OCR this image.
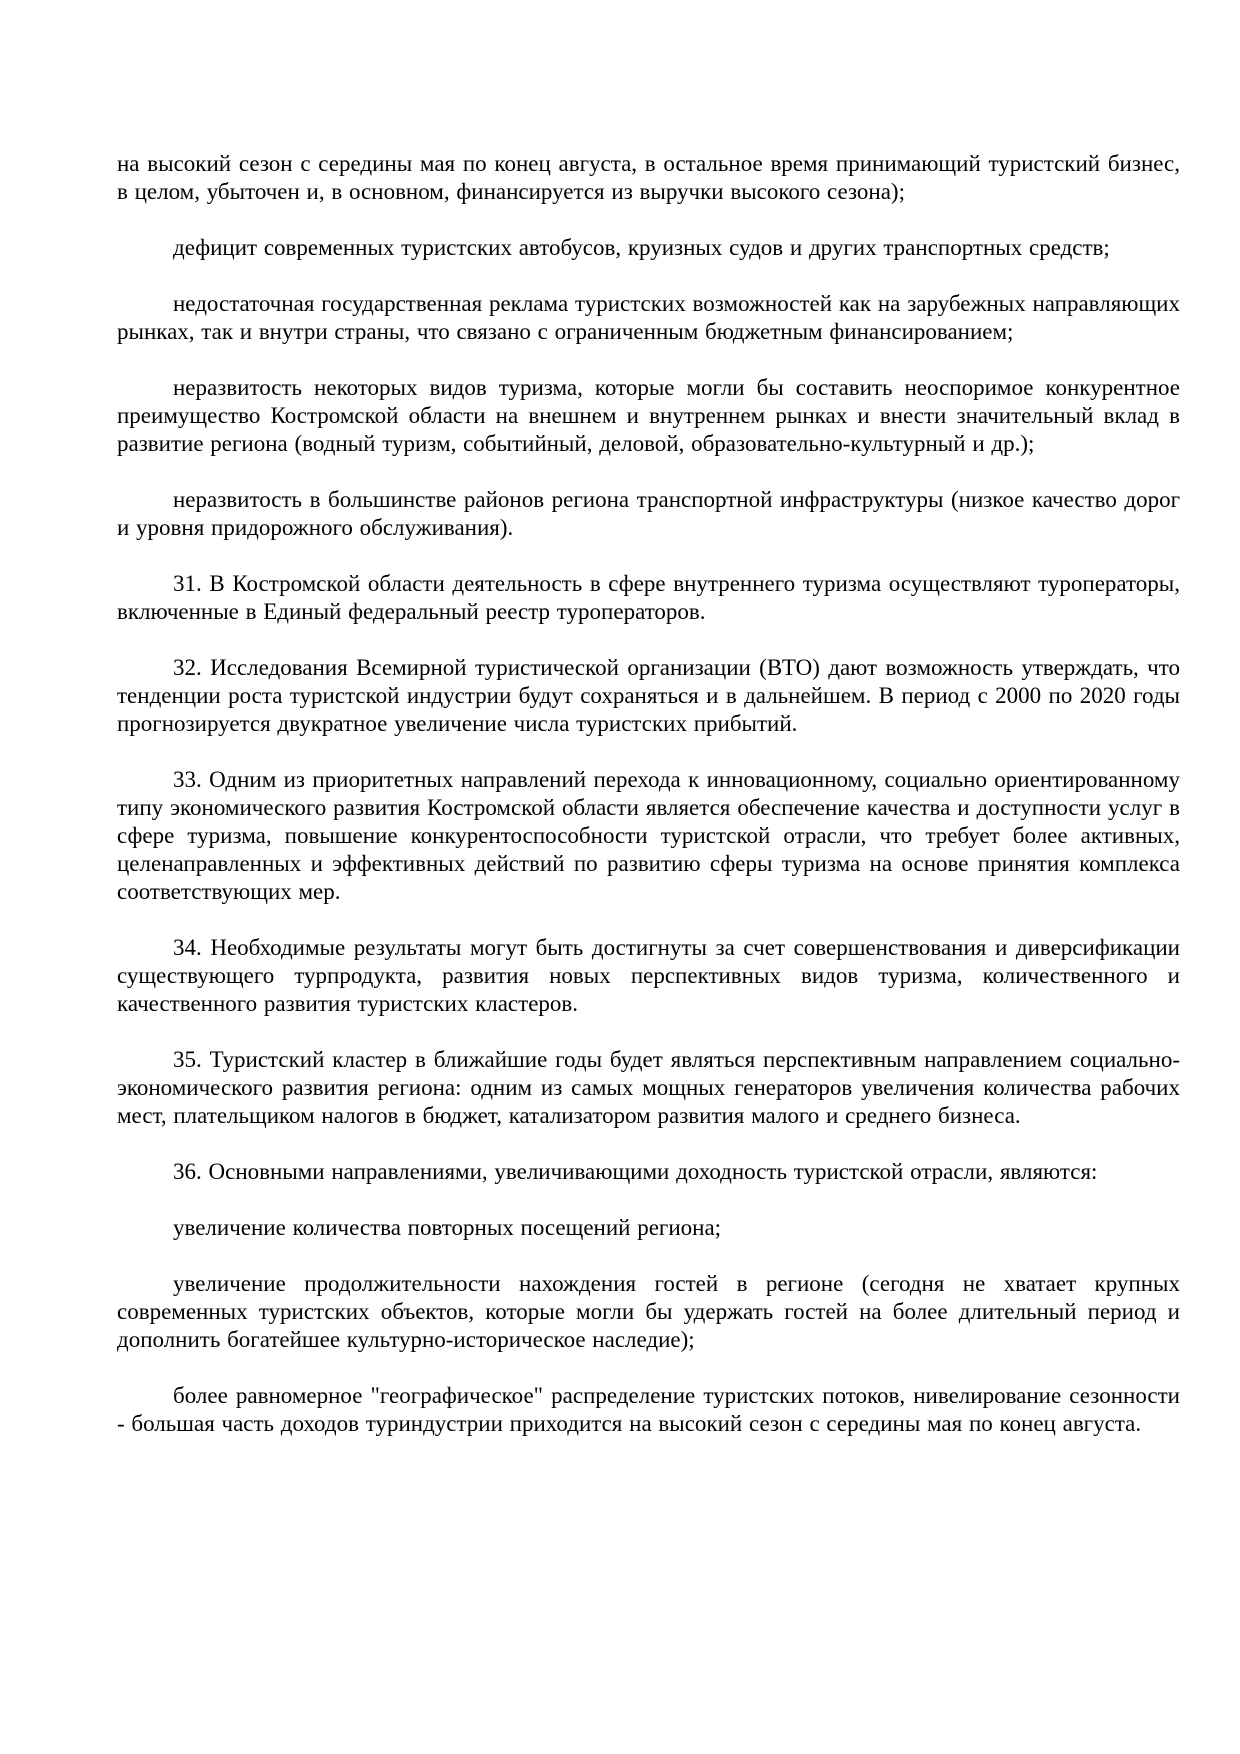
на высокий сезон с середины мая по конец августа, в остальное время принимающий туристский бизнес, в целом, убыточен и, в основном, финансируется из выручки высокого сезона);

дефицит современных туристских автобусов, круизных судов и других транспортных средств;

недостаточная государственная реклама туристских возможностей как на зарубежных направляющих рынках, так и внутри страны, что связано с ограниченным бюджетным финансированием;

неразвитость некоторых видов туризма, которые могли бы составить неоспоримое конкурентное преимущество Костромской области на внешнем и внутреннем рынках и внести значительный вклад в развитие региона (водный туризм, событийный, деловой, образовательно-культурный и др.);

неразвитость в большинстве районов региона транспортной инфраструктуры (низкое качество дорог и уровня придорожного обслуживания).

31. В Костромской области деятельность в сфере внутреннего туризма осуществляют туроператоры, включенные в Единый федеральный реестр туроператоров.

32. Исследования Всемирной туристической организации (ВТО) дают возможность утверждать, что тенденции роста туристской индустрии будут сохраняться и в дальнейшем. В период с 2000 по 2020 годы прогнозируется двукратное увеличение числа туристских прибытий.

33. Одним из приоритетных направлений перехода к инновационному, социально ориентированному типу экономического развития Костромской области является обеспечение качества и доступности услуг в сфере туризма, повышение конкурентоспособности туристской отрасли, что требует более активных, целенаправленных и эффективных действий по развитию сферы туризма на основе принятия комплекса соответствующих мер.

34. Необходимые результаты могут быть достигнуты за счет совершенствования и диверсификации существующего турпродукта, развития новых перспективных видов туризма, количественного и качественного развития туристских кластеров.

35. Туристский кластер в ближайшие годы будет являться перспективным направлением социально-экономического развития региона: одним из самых мощных генераторов увеличения количества рабочих мест, плательщиком налогов в бюджет, катализатором развития малого и среднего бизнеса.

36. Основными направлениями, увеличивающими доходность туристской отрасли, являются:

увеличение количества повторных посещений региона;

увеличение продолжительности нахождения гостей в регионе (сегодня не хватает крупных современных туристских объектов, которые могли бы удержать гостей на более длительный период и дополнить богатейшее культурно-историческое наследие);

более равномерное "географическое" распределение туристских потоков, нивелирование сезонности - большая часть доходов туриндустрии приходится на высокий сезон с середины мая по конец августа.
